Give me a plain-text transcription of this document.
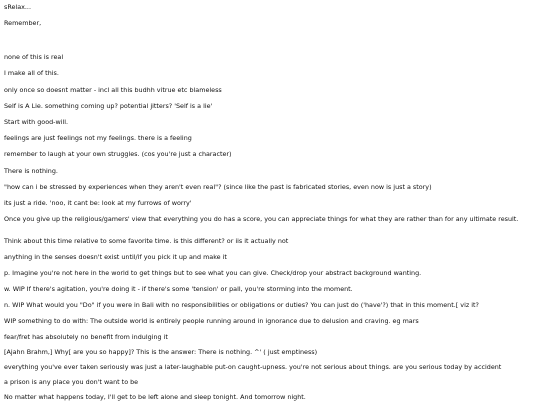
sRelax...
Remember,
none of this is real
I make all of this.
only once so doesnt matter - incl all this budhh vitrue etc blameless
Self is A Lie. something coming up? potential jitters? 'Self is a lie'
Start with good-will.
feelings are just feelings not my feelings. there is a feeling
remember to laugh at your own struggles. (cos you're just a character)
There is nothing.
"how can i be stressed by experiences when they aren't even real"? (since like the past is fabricated stories, even now is just a story)
its just a ride. 'noo, it cant be: look at my furrows of worry'
Once you give up the religious/gamers' view that everything you do has a score, you can appreciate things for what they are rather than for any ultimate result.
Think about this time relative to some favorite time. is this different? or iis it actually not
anything in the senses doesn't exist until/if you pick it up and make it
p. Imagine you're not here in the world to get things but to see what you can give. Check/drop your abstract background wanting.
w. WIP If there's agitation, you're doing it - if there's some 'tension' or pall, you're storming into the moment.
n. WIP What would you "Do" if you were in Bali with no responsibilities or obligations or duties? You can just do ('have'?) that in this moment.[ viz it?
WIP something to do with: The outside world is entirely people running around in ignorance due to delusion and craving. eg mars
fear/fret has absolutely no benefit from indulging it
[Ajahn Brahm,] Why[ are you so happy]? This is the answer: There is nothing. ^' ( just emptiness)
everything you've ever taken seriously was just a later-laughable put-on caught-upness. you're not serious about things. are you serious today by accident
a prison is any place you don't want to be
No matter what happens today, I'll get to be left alone and sleep tonight. And tomorrow night.
